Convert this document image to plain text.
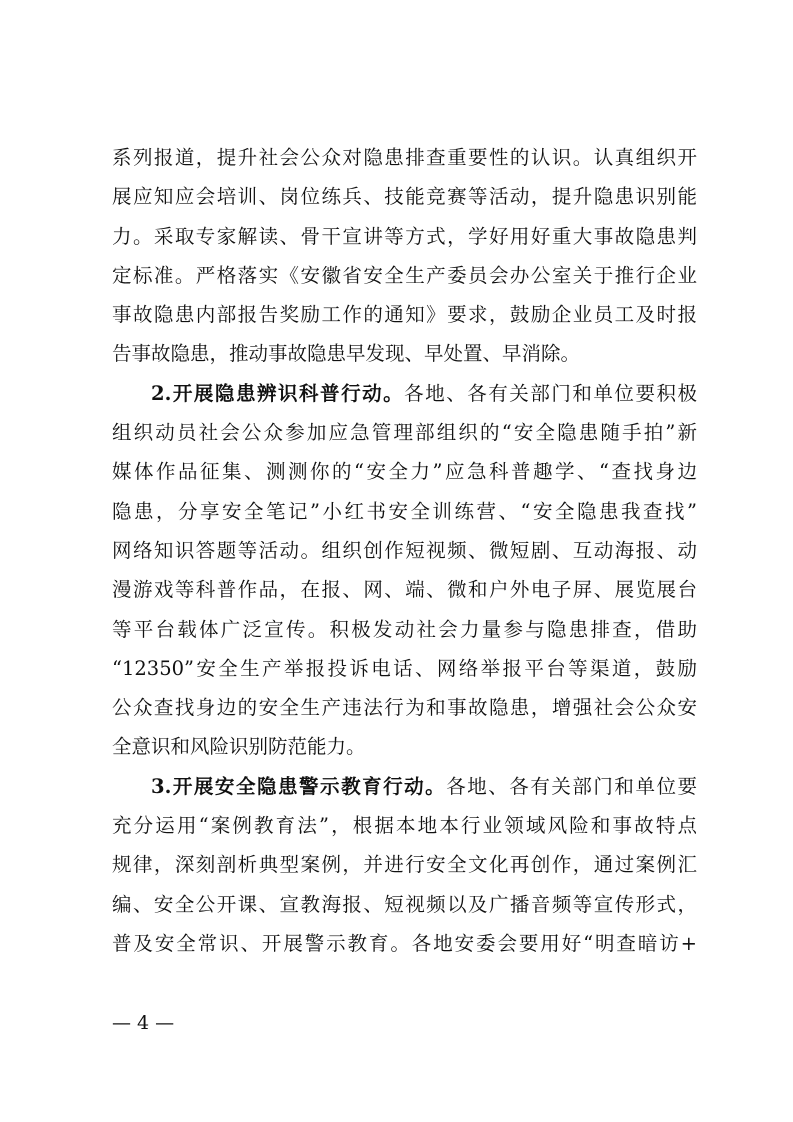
系列报道，提升社会公众对隐患排查重要性的认识。认真组织开
展应知应会培训、岗位练兵、技能竞赛等活动，提升隐患识别能
力。采取专家解读、骨干宣讲等方式，学好用好重大事故隐患判
定标准。严格落实《安徽省安全生产委员会办公室关于推行企业
事故隐患内部报告奖励工作的通知》要求，鼓励企业员工及时报
告事故隐患，推动事故隐患早发现、早处置、早消除。
2.开展隐患辨识科普行动。各地、各有关部门和单位要积极
组织动员社会公众参加应急管理部组织的“安全隐患随手拍”新
媒体作品征集、测测你的“安全力”应急科普趣学、“查找身边
隐患，分享安全笔记”小红书安全训练营、“安全隐患我查找”
网络知识答题等活动。组织创作短视频、微短剧、互动海报、动
漫游戏等科普作品，在报、网、端、微和户外电子屏、展览展台
等平台载体广泛宣传。积极发动社会力量参与隐患排查，借助
“12350”安全生产举报投诉电话、网络举报平台等渠道，鼓励
公众查找身边的安全生产违法行为和事故隐患，增强社会公众安
全意识和风险识别防范能力。
3.开展安全隐患警示教育行动。各地、各有关部门和单位要
充分运用“案例教育法”，根据本地本行业领域风险和事故特点
规律，深刻剖析典型案例，并进行安全文化再创作，通过案例汇
编、安全公开课、宣教海报、短视频以及广播音频等宣传形式，
普及安全常识、开展警示教育。各地安委会要用好“明查暗访+
— 4 —
